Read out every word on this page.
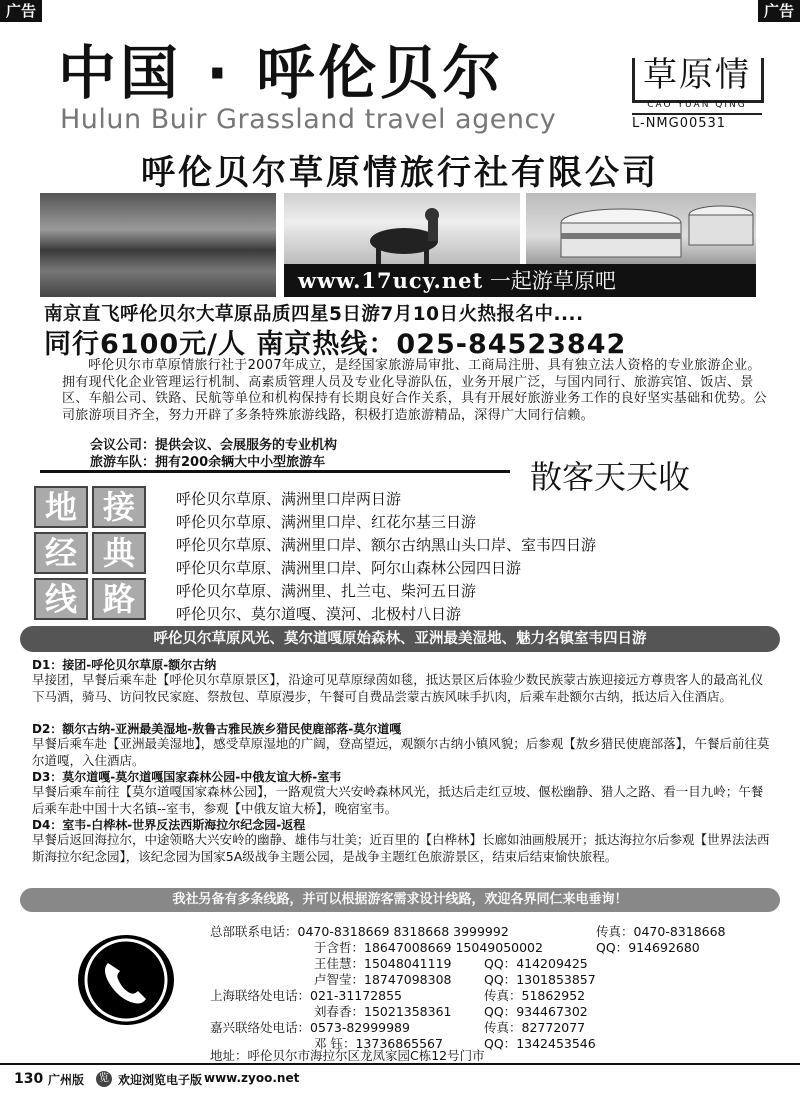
广告	广告
中国 · 呼伦贝尔
Hulun Buir Grassland travel agency
草原情
CAO YUAN QING
L-NMG00531
呼伦贝尔草原情旅行社有限公司
www.17ucy.net 一起游草原吧
南京直飞呼伦贝尔大草原品质四星5日游7月10日火热报名中....
同行6100元/人 南京热线：025-84523842
呼伦贝尔市草原情旅行社于2007年成立，是经国家旅游局审批、工商局注册、具有独立法人资格的专业旅游企业。拥有现代化企业管理运行机制、高素质管理人员及专业化导游队伍，业务开展广泛，与国内同行、旅游宾馆、饭店、景区、车船公司、铁路、民航等单位和机构保持有长期良好合作关系，具有开展好旅游业务工作的良好坚实基础和优势。公司旅游项目齐全，努力开辟了多条特殊旅游线路，积极打造旅游精品，深得广大同行信赖。
会议公司：提供会议、会展服务的专业机构
旅游车队：拥有200余辆大中小型旅游车	散客天天收
地 接
经 典
线 路
呼伦贝尔草原、满洲里口岸两日游
呼伦贝尔草原、满洲里口岸、红花尔基三日游
呼伦贝尔草原、满洲里口岸、额尔古纳黑山头口岸、室韦四日游
呼伦贝尔草原、满洲里口岸、阿尔山森林公园四日游
呼伦贝尔草原、满洲里、扎兰屯、柴河五日游
呼伦贝尔、莫尔道嘎、漠河、北极村八日游
呼伦贝尔草原风光、莫尔道嘎原始森林、亚洲最美湿地、魅力名镇室韦四日游
D1：接团-呼伦贝尔草原-额尔古纳
早接团，早餐后乘车赴【呼伦贝尔草原景区】，沿途可见草原绿茵如毯，抵达景区后体验少数民族蒙古族迎接远方尊贵客人的最高礼仪下马酒，骑马、访问牧民家庭、祭敖包、草原漫步，午餐可自费品尝蒙古族风味手扒肉，后乘车赴额尔古纳，抵达后入住酒店。
D2：额尔古纳-亚洲最美湿地-敖鲁古雅民族乡猎民使鹿部落-莫尔道嘎
早餐后乘车赴【亚洲最美湿地】，感受草原湿地的广阔，登高望远，观额尔古纳小镇风貌；后参观【敖乡猎民使鹿部落】，午餐后前往莫尔道嘎，入住酒店。
D3：莫尔道嘎-莫尔道嘎国家森林公园-中俄友谊大桥-室韦
早餐后乘车前往【莫尔道嘎国家森林公园】，一路观赏大兴安岭森林风光，抵达后走红豆坡、偃松幽静、猎人之路、看一目九岭；午餐后乘车赴中国十大名镇--室韦，参观【中俄友谊大桥】，晚宿室韦。
D4：室韦-白桦林-世界反法西斯海拉尔纪念园-返程
早餐后返回海拉尔，中途领略大兴安岭的幽静、雄伟与壮美；近百里的【白桦林】长廊如油画般展开；抵达海拉尔后参观【世界法法西斯海拉尔纪念园】，该纪念园为国家5A级战争主题公园，是战争主题红色旅游景区，结束后结束愉快旅程。
我社另备有多条线路，并可以根据游客需求设计线路，欢迎各界同仁来电垂询！
总部联系电话：0470-8318669 8318668 3999992	传真：0470-8318668
于含哲：18647008669 15049050002	QQ：914692680
王佳慧：15048041119	QQ：414209425
卢智莹：18747098308	QQ：1301853857
上海联络处电话：021-31172855	传真：51862952
刘春香：15021358361	QQ：934467302
嘉兴联络处电话：0573-82999989	传真：82772077
邓 钰：13736865567	QQ：1342453546
地址：呼伦贝尔市海拉尔区龙凤家园C栋12号门市
130 广州版	览 欢迎浏览电子版 www.zyoo.net
